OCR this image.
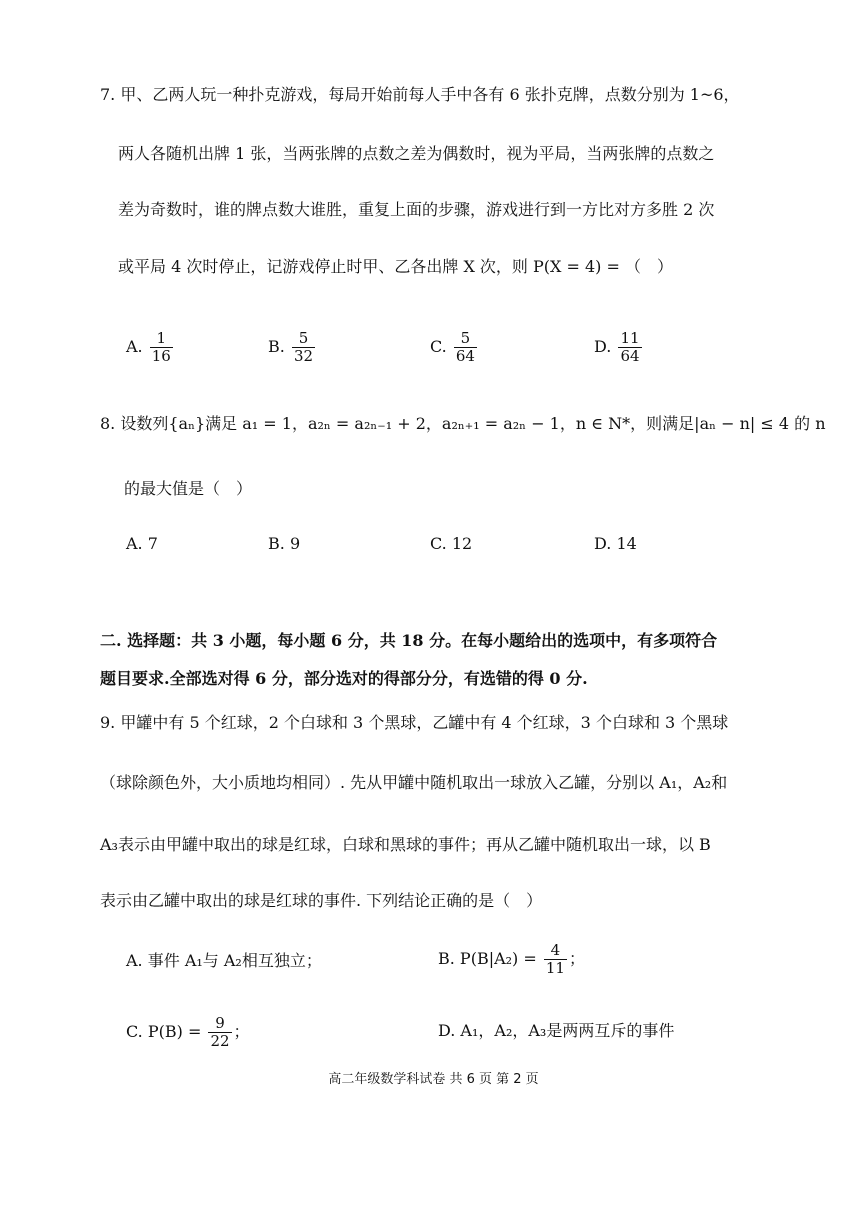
7. 甲、乙两人玩一种扑克游戏，每局开始前每人手中各有 6 张扑克牌，点数分别为 1~6，
两人各随机出牌 1 张，当两张牌的点数之差为偶数时，视为平局，当两张牌的点数之
差为奇数时，谁的牌点数大谁胜，重复上面的步骤，游戏进行到一方比对方多胜 2 次
或平局 4 次时停止，记游戏停止时甲、乙各出牌 X 次，则 P(X = 4) = （　）
A. $\frac{1}{16}$	B. $\frac{5}{32}$	C. $\frac{5}{64}$	D. $\frac{11}{64}$
8. 设数列{aₙ}满足 a₁ = 1，a₂ₙ = a₂ₙ₋₁ + 2，a₂ₙ₊₁ = a₂ₙ − 1，n ∈ N*，则满足|aₙ − n| ≤ 4 的 n
的最大值是（　）
A. 7	B. 9	C. 12	D. 14
二. 选择题：共 3 小题，每小题 6 分，共 18 分。在每小题给出的选项中，有多项符合
题目要求.全部选对得 6 分，部分选对的得部分分，有选错的得 0 分.
9. 甲罐中有 5 个红球，2 个白球和 3 个黑球，乙罐中有 4 个红球，3 个白球和 3 个黑球
（球除颜色外，大小质地均相同）. 先从甲罐中随机取出一球放入乙罐，分别以 A₁，A₂和
A₃表示由甲罐中取出的球是红球，白球和黑球的事件；再从乙罐中随机取出一球，以 B
表示由乙罐中取出的球是红球的事件. 下列结论正确的是（　）
A. 事件 A₁与 A₂相互独立；	B. $P(B|A_2) = \frac{4}{11}$ ；
C. $P(B) = \frac{9}{22}$ ；	D. A₁，A₂，A₃是两两互斥的事件
高二年级数学科试卷 共 6 页 第 2 页
